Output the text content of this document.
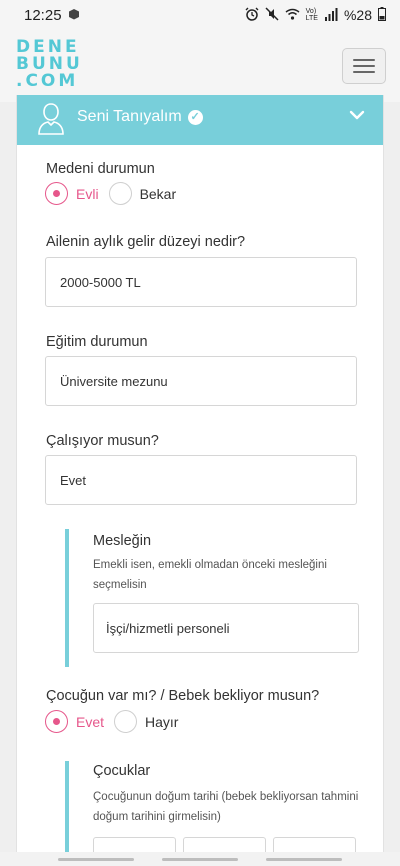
12:25	Vo)
LTE %28
DENE
BUNU
.COM
Seni Tanıyalım ✓
Medeni durumun
Evli	Bekar
Ailenin aylık gelir düzeyi nedir?
2000-5000 TL
Eğitim durumun
Üniversite mezunu
Çalışıyor musun?
Evet
Mesleğin
Emekli isen, emekli olmadan önceki mesleğini seçmelisin
İşçi/hizmetli personeli
Çocuğun var mı? / Bebek bekliyor musun?
Evet	Hayır
Çocuklar
Çocuğunun doğum tarihi (bebek bekliyorsan tahmini doğum tarihini girmelisin)
